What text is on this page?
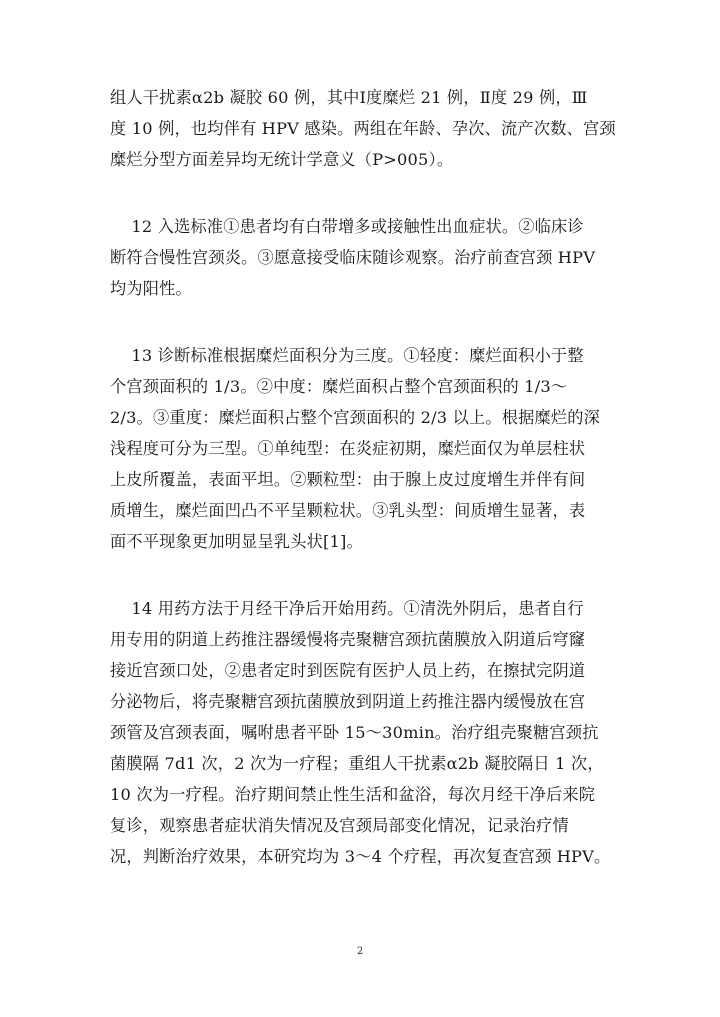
组人干扰素α2b 凝胶 60 例，其中Ⅰ度糜烂 21 例，Ⅱ度 29 例，Ⅲ
度 10 例，也均伴有 HPV 感染。两组在年龄、孕次、流产次数、宫颈
糜烂分型方面差异均无统计学意义（P>005）。
12 入选标准①患者均有白带增多或接触性出血症状。②临床诊
断符合慢性宫颈炎。③愿意接受临床随诊观察。治疗前查宫颈 HPV
均为阳性。
13 诊断标准根据糜烂面积分为三度。①轻度：糜烂面积小于整
个宫颈面积的 1/3。②中度：糜烂面积占整个宫颈面积的 1/3～
2/3。③重度：糜烂面积占整个宫颈面积的 2/3 以上。根据糜烂的深
浅程度可分为三型。①单纯型：在炎症初期，糜烂面仅为单层柱状
上皮所覆盖，表面平坦。②颗粒型：由于腺上皮过度增生并伴有间
质增生，糜烂面凹凸不平呈颗粒状。③乳头型：间质增生显著，表
面不平现象更加明显呈乳头状[1]。
14 用药方法于月经干净后开始用药。①清洗外阴后，患者自行
用专用的阴道上药推注器缓慢将壳聚糖宫颈抗菌膜放入阴道后穹窿
接近宫颈口处，②患者定时到医院有医护人员上药，在擦拭完阴道
分泌物后，将壳聚糖宫颈抗菌膜放到阴道上药推注器内缓慢放在宫
颈管及宫颈表面，嘱咐患者平卧 15～30min。治疗组壳聚糖宫颈抗
菌膜隔 7d1 次，2 次为一疗程；重组人干扰素α2b 凝胶隔日 1 次，
10 次为一疗程。治疗期间禁止性生活和盆浴，每次月经干净后来院
复诊，观察患者症状消失情况及宫颈局部变化情况，记录治疗情
况，判断治疗效果，本研究均为 3～4 个疗程，再次复查宫颈 HPV。
2
